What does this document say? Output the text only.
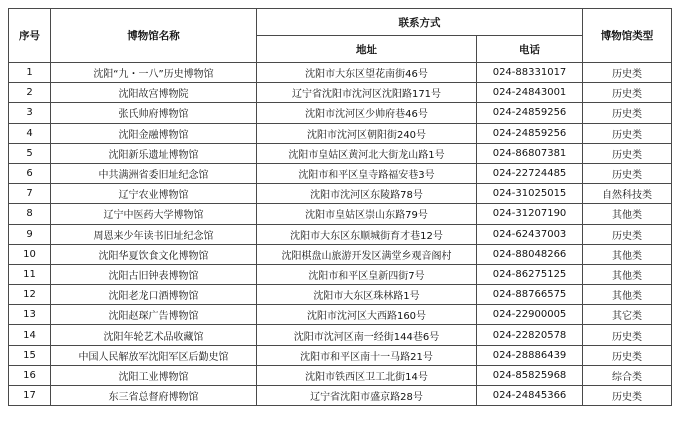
序号	博物馆名称	联系方式		博物馆类型
		地址	电话	
1	沈阳“九・一八”历史博物馆	沈阳市大东区望花南街46号	024-88331017	历史类
2	沈阳故宫博物院	辽宁省沈阳市沈河区沈阳路171号	024-24843001	历史类
3	张氏帅府博物馆	沈阳市沈河区少帅府巷46号	024-24859256	历史类
4	沈阳金融博物馆	沈阳市沈河区朝阳街240号	024-24859256	历史类
5	沈阳新乐遗址博物馆	沈阳市皇姑区黄河北大街龙山路1号	024-86807381	历史类
6	中共满洲省委旧址纪念馆	沈阳市和平区皇寺路福安巷3号	024-22724485	历史类
7	辽宁农业博物馆	沈阳市沈河区东陵路78号	024-31025015	自然科技类
8	辽宁中医药大学博物馆	沈阳市皇姑区崇山东路79号	024-31207190	其他类
9	周恩来少年读书旧址纪念馆	沈阳市大东区东顺城街育才巷12号	024-62437003	历史类
10	沈阳华夏饮食文化博物馆	沈阳棋盘山旅游开发区满堂乡观音阁村	024-88048266	其他类
11	沈阳古旧钟表博物馆	沈阳市和平区皇新四街7号	024-86275125	其他类
12	沈阳老龙口酒博物馆	沈阳市大东区珠林路1号	024-88766575	其他类
13	沈阳赵琛广告博物馆	沈阳市沈河区大西路160号	024-22900005	其它类
14	沈阳年轮艺术品收藏馆	沈阳市沈河区南一经街144巷6号	024-22820578	历史类
15	中国人民解放军沈阳军区后勤史馆	沈阳市和平区南十一马路21号	024-28886439	历史类
16	沈阳工业博物馆	沈阳市铁西区卫工北街14号	024-85825968	综合类
17	东三省总督府博物馆	辽宁省沈阳市盛京路28号	024-24845366	历史类
